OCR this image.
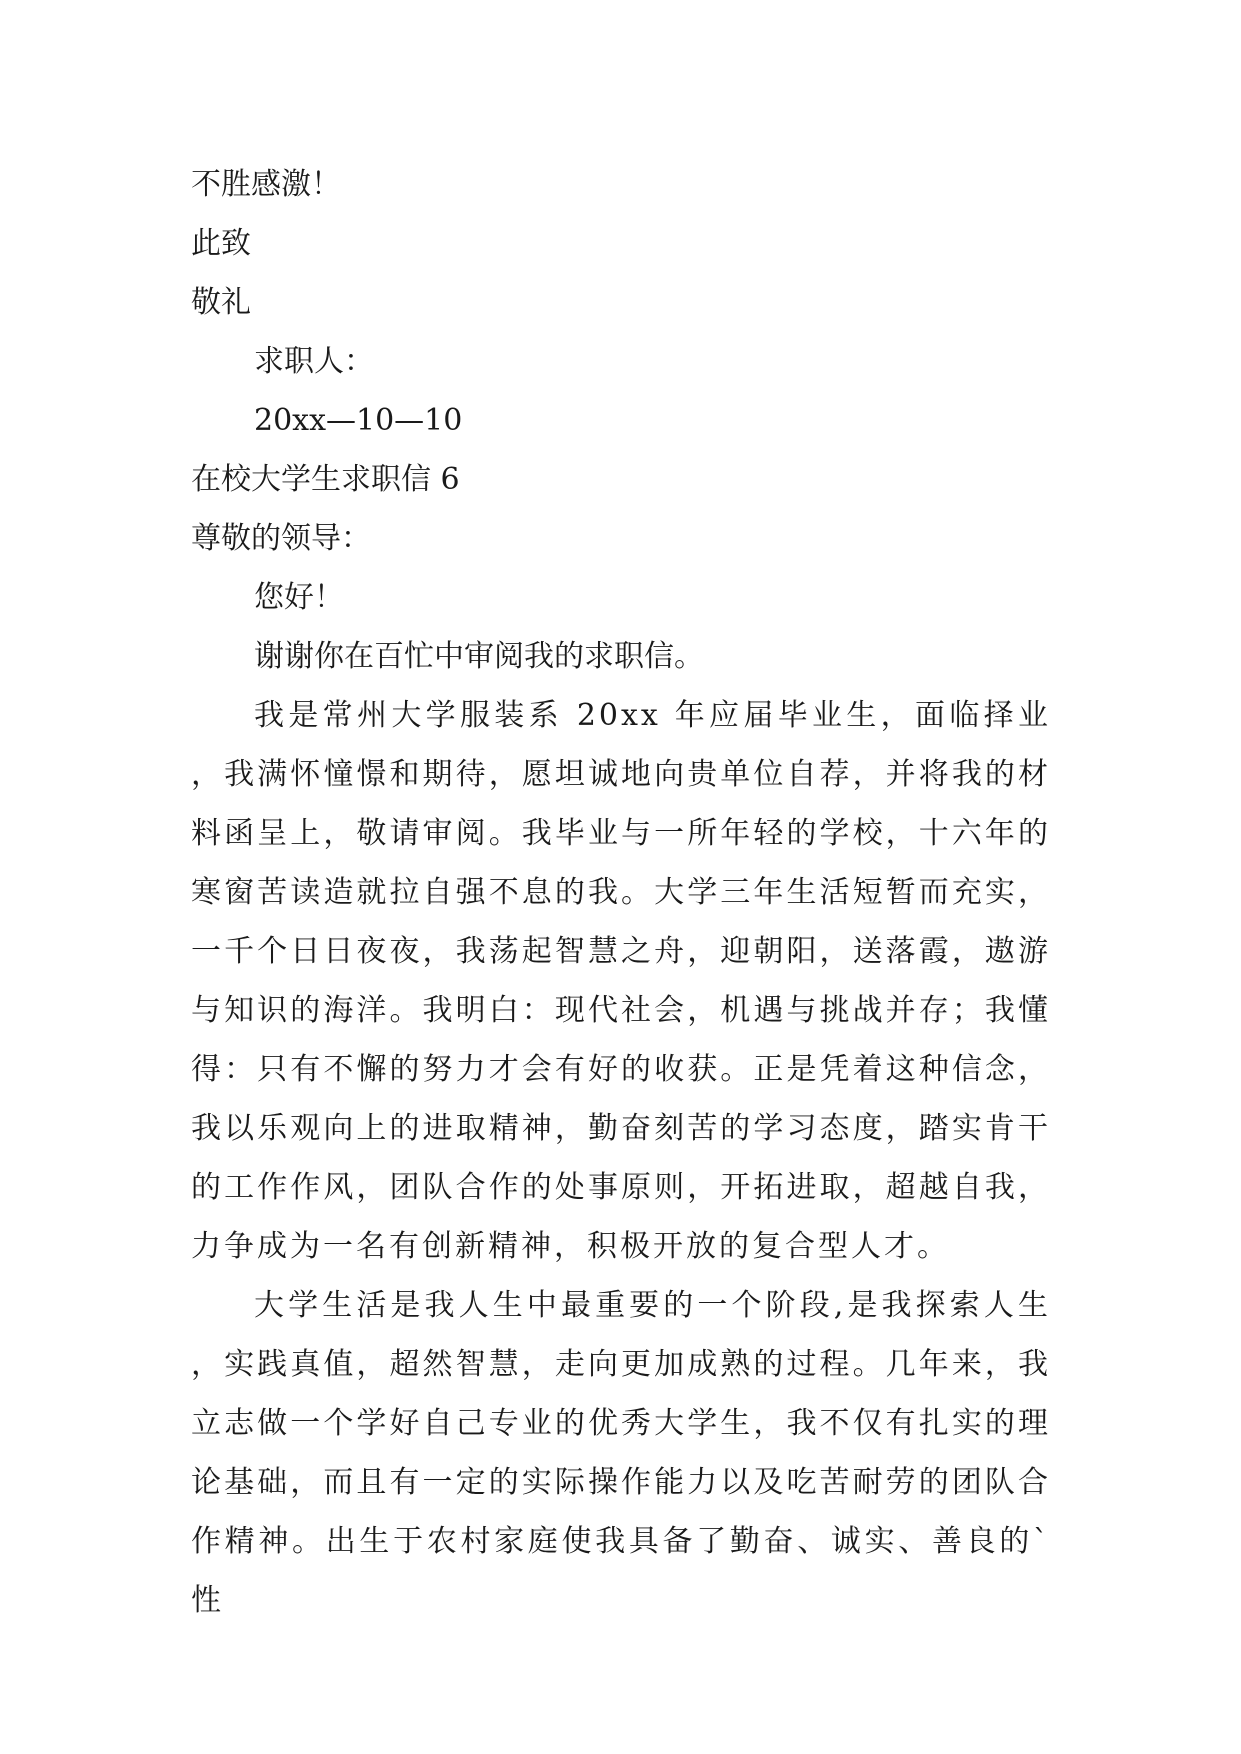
不胜感激！
此致
敬礼
求职人：
20xx—10—10
在校大学生求职信 6
尊敬的领导：
您好！
谢谢你在百忙中审阅我的求职信。
我是常州大学服装系 20xx 年应届毕业生，面临择业，我满怀憧憬和期待，愿坦诚地向贵单位自荐，并将我的材料函呈上，敬请审阅。我毕业与一所年轻的学校，十六年的寒窗苦读造就拉自强不息的我。大学三年生活短暂而充实，一千个日日夜夜，我荡起智慧之舟，迎朝阳，送落霞，遨游与知识的海洋。我明白：现代社会，机遇与挑战并存；我懂得：只有不懈的努力才会有好的收获。正是凭着这种信念，我以乐观向上的进取精神，勤奋刻苦的学习态度，踏实肯干的工作作风，团队合作的处事原则，开拓进取，超越自我，力争成为一名有创新精神，积极开放的复合型人才。
大学生活是我人生中最重要的一个阶段,是我探索人生，实践真值，超然智慧，走向更加成熟的过程。几年来，我立志做一个学好自己专业的优秀大学生，我不仅有扎实的理论基础，而且有一定的实际操作能力以及吃苦耐劳的团队合作精神。出生于农村家庭使我具备了勤奋、诚实、善良的`性
